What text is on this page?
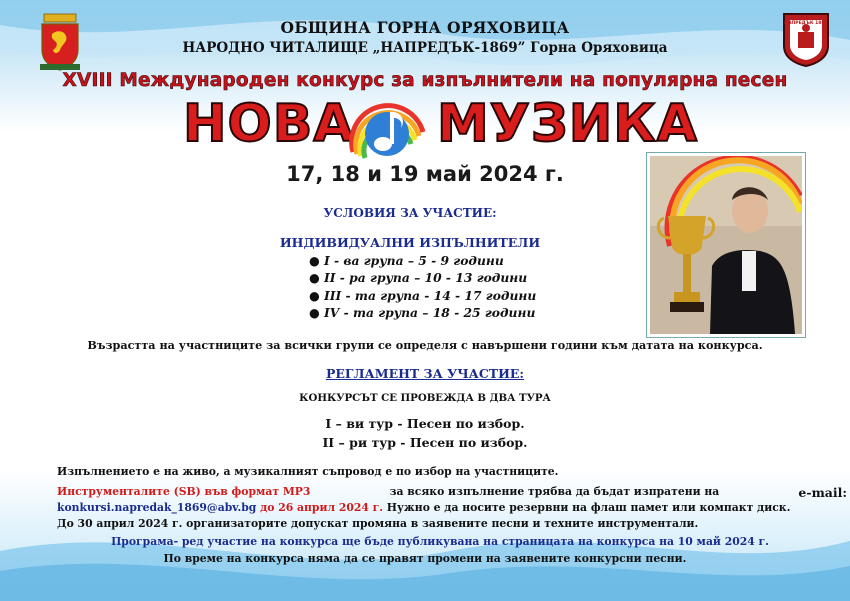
НАПРЕДЪК 1869
ОБЩИНА ГОРНА ОРЯХОВИЦА
НАРОДНО ЧИТАЛИЩЕ „НАПРЕДЪК-1869” Горна Оряховица
XVIII Международен конкурс за изпълнители на популярна песен
НОВА МУЗИКА
17, 18 и 19 май 2024 г.
УСЛОВИЯ ЗА УЧАСТИЕ:
ИНДИВИДУАЛНИ ИЗПЪЛНИТЕЛИ
● I - ва група – 5 - 9 години
● II - ра група – 10 - 13 години
● III - та група - 14 - 17 години
● IV - та група – 18 - 25 години
Възрастта на участниците за всички групи се определя с навършени години към датата на конкурса.
РЕГЛАМЕНТ ЗА УЧАСТИЕ:
КОНКУРСЪТ СЕ ПРОВЕЖДА В ДВА ТУРА
I – ви тур - Песен по избор.
II – ри тур - Песен по избор.
Изпълнението е на живо, а музикалният съпровод е по избор на участниците.
Инструменталите (SB) във формат MP3	за всяко изпълнение трябва да бъдат изпратени на	e-mail:
konkursi.napredak_1869@abv.bg до 26 април 2024 г. Нужно е да носите резервни на флаш памет или компакт диск.
До 30 април 2024 г. организаторите допускат промяна в заявените песни и техните инструментали.
Програма- ред участие на конкурса ще бъде публикувана на страницата на конкурса на 10 май 2024 г.
По време на конкурса няма да се правят промени на заявените конкурсни песни.
